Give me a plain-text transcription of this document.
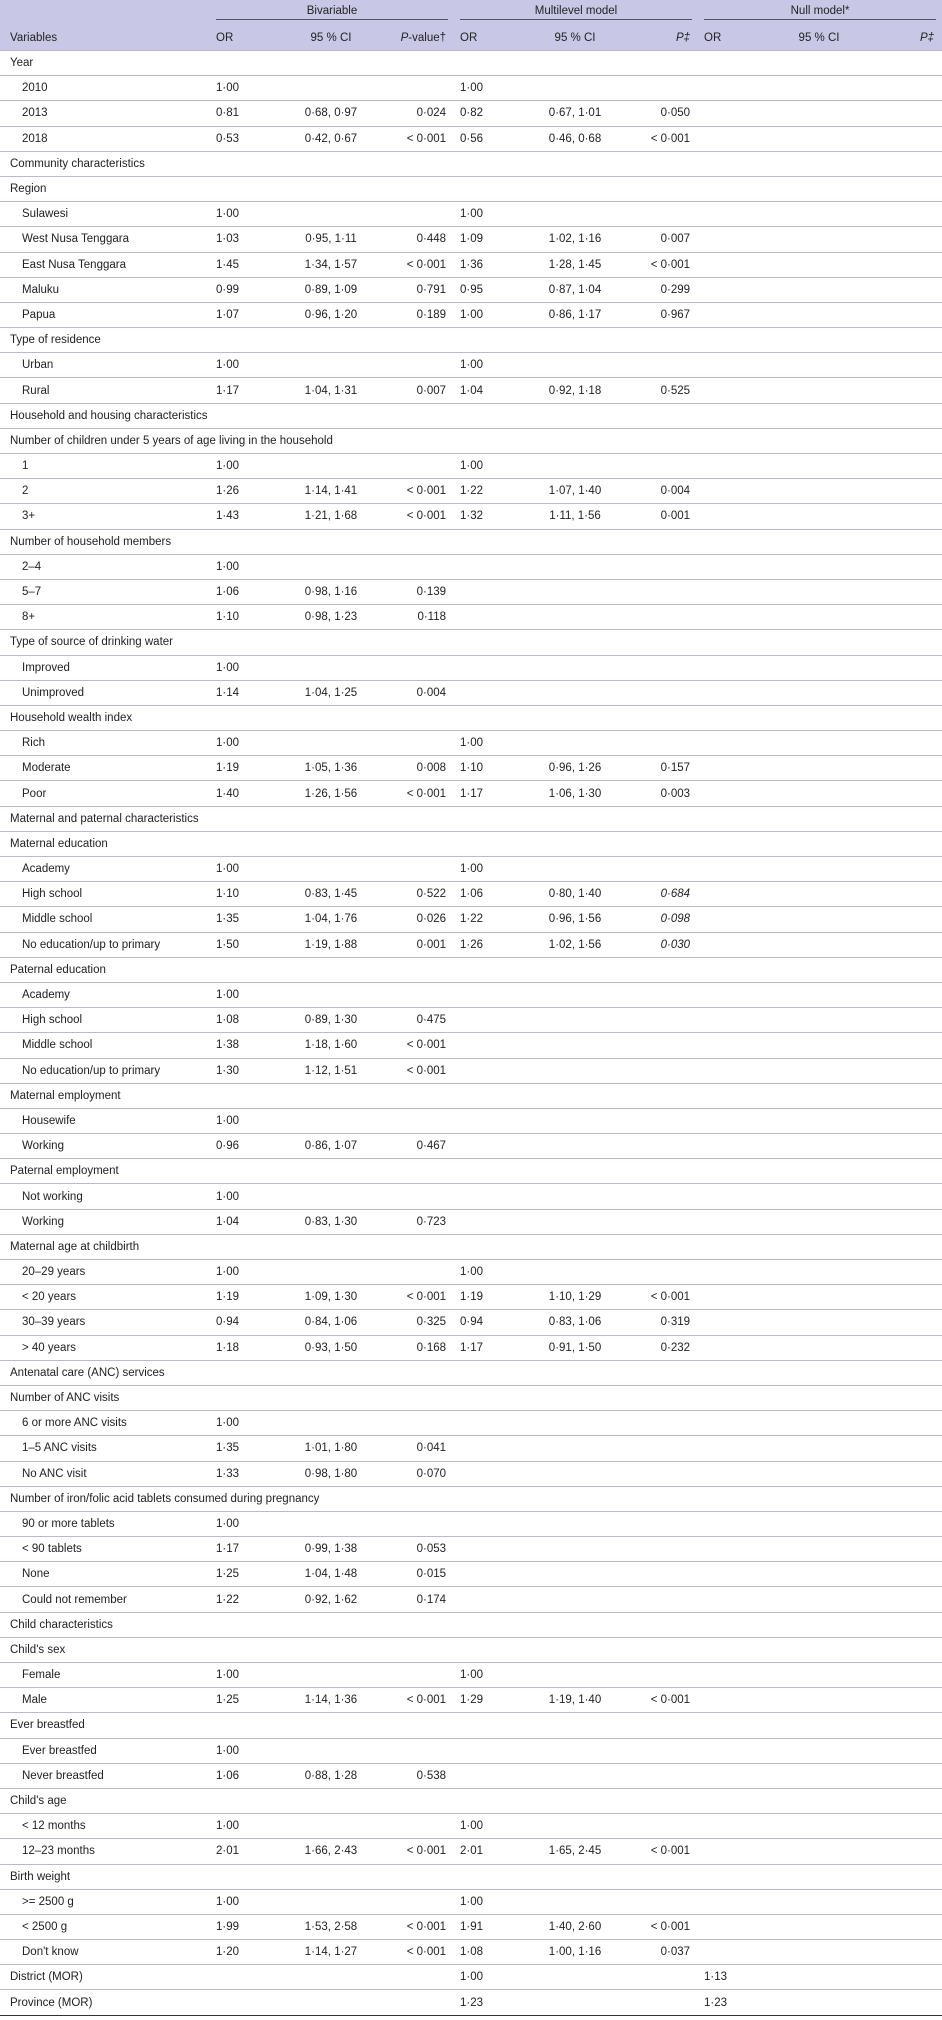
	Bivariable			Multilevel model			Null model*		
Variables	OR	95 % CI	P-value†	OR	95 % CI	P‡	OR	95 % CI	P‡
Year									
2010	1·00			1·00					
2013	0·81	0·68, 0·97	0·024	0·82	0·67, 1·01	0·050			
2018	0·53	0·42, 0·67	< 0·001	0·56	0·46, 0·68	< 0·001			
Community characteristics									
Region									
Sulawesi	1·00			1·00					
West Nusa Tenggara	1·03	0·95, 1·11	0·448	1·09	1·02, 1·16	0·007			
East Nusa Tenggara	1·45	1·34, 1·57	< 0·001	1·36	1·28, 1·45	< 0·001			
Maluku	0·99	0·89, 1·09	0·791	0·95	0·87, 1·04	0·299			
Papua	1·07	0·96, 1·20	0·189	1·00	0·86, 1·17	0·967			
Type of residence									
Urban	1·00			1·00					
Rural	1·17	1·04, 1·31	0·007	1·04	0·92, 1·18	0·525			
Household and housing characteristics									
Number of children under 5 years of age living in the household									
1	1·00			1·00					
2	1·26	1·14, 1·41	< 0·001	1·22	1·07, 1·40	0·004			
3+	1·43	1·21, 1·68	< 0·001	1·32	1·11, 1·56	0·001			
Number of household members									
2–4	1·00								
5–7	1·06	0·98, 1·16	0·139						
8+	1·10	0·98, 1·23	0·118						
Type of source of drinking water									
Improved	1·00								
Unimproved	1·14	1·04, 1·25	0·004						
Household wealth index									
Rich	1·00			1·00					
Moderate	1·19	1·05, 1·36	0·008	1·10	0·96, 1·26	0·157			
Poor	1·40	1·26, 1·56	< 0·001	1·17	1·06, 1·30	0·003			
Maternal and paternal characteristics									
Maternal education									
Academy	1·00			1·00					
High school	1·10	0·83, 1·45	0·522	1·06	0·80, 1·40	0·684			
Middle school	1·35	1·04, 1·76	0·026	1·22	0·96, 1·56	0·098			
No education/up to primary	1·50	1·19, 1·88	0·001	1·26	1·02, 1·56	0·030			
Paternal education									
Academy	1·00								
High school	1·08	0·89, 1·30	0·475						
Middle school	1·38	1·18, 1·60	< 0·001						
No education/up to primary	1·30	1·12, 1·51	< 0·001						
Maternal employment									
Housewife	1·00								
Working	0·96	0·86, 1·07	0·467						
Paternal employment									
Not working	1·00								
Working	1·04	0·83, 1·30	0·723						
Maternal age at childbirth									
20–29 years	1·00			1·00					
< 20 years	1·19	1·09, 1·30	< 0·001	1·19	1·10, 1·29	< 0·001			
30–39 years	0·94	0·84, 1·06	0·325	0·94	0·83, 1·06	0·319			
> 40 years	1·18	0·93, 1·50	0·168	1·17	0·91, 1·50	0·232			
Antenatal care (ANC) services									
Number of ANC visits									
6 or more ANC visits	1·00								
1–5 ANC visits	1·35	1·01, 1·80	0·041						
No ANC visit	1·33	0·98, 1·80	0·070						
Number of iron/folic acid tablets consumed during pregnancy									
90 or more tablets	1·00								
< 90 tablets	1·17	0·99, 1·38	0·053						
None	1·25	1·04, 1·48	0·015						
Could not remember	1·22	0·92, 1·62	0·174						
Child characteristics									
Child's sex									
Female	1·00			1·00					
Male	1·25	1·14, 1·36	< 0·001	1·29	1·19, 1·40	< 0·001			
Ever breastfed									
Ever breastfed	1·00								
Never breastfed	1·06	0·88, 1·28	0·538						
Child's age									
< 12 months	1·00			1·00					
12–23 months	2·01	1·66, 2·43	< 0·001	2·01	1·65, 2·45	< 0·001			
Birth weight									
>= 2500 g	1·00			1·00					
< 2500 g	1·99	1·53, 2·58	< 0·001	1·91	1·40, 2·60	< 0·001			
Don't know	1·20	1·14, 1·27	< 0·001	1·08	1·00, 1·16	0·037			
District (MOR)				1·00			1·13		
Province (MOR)				1·23			1·23		
